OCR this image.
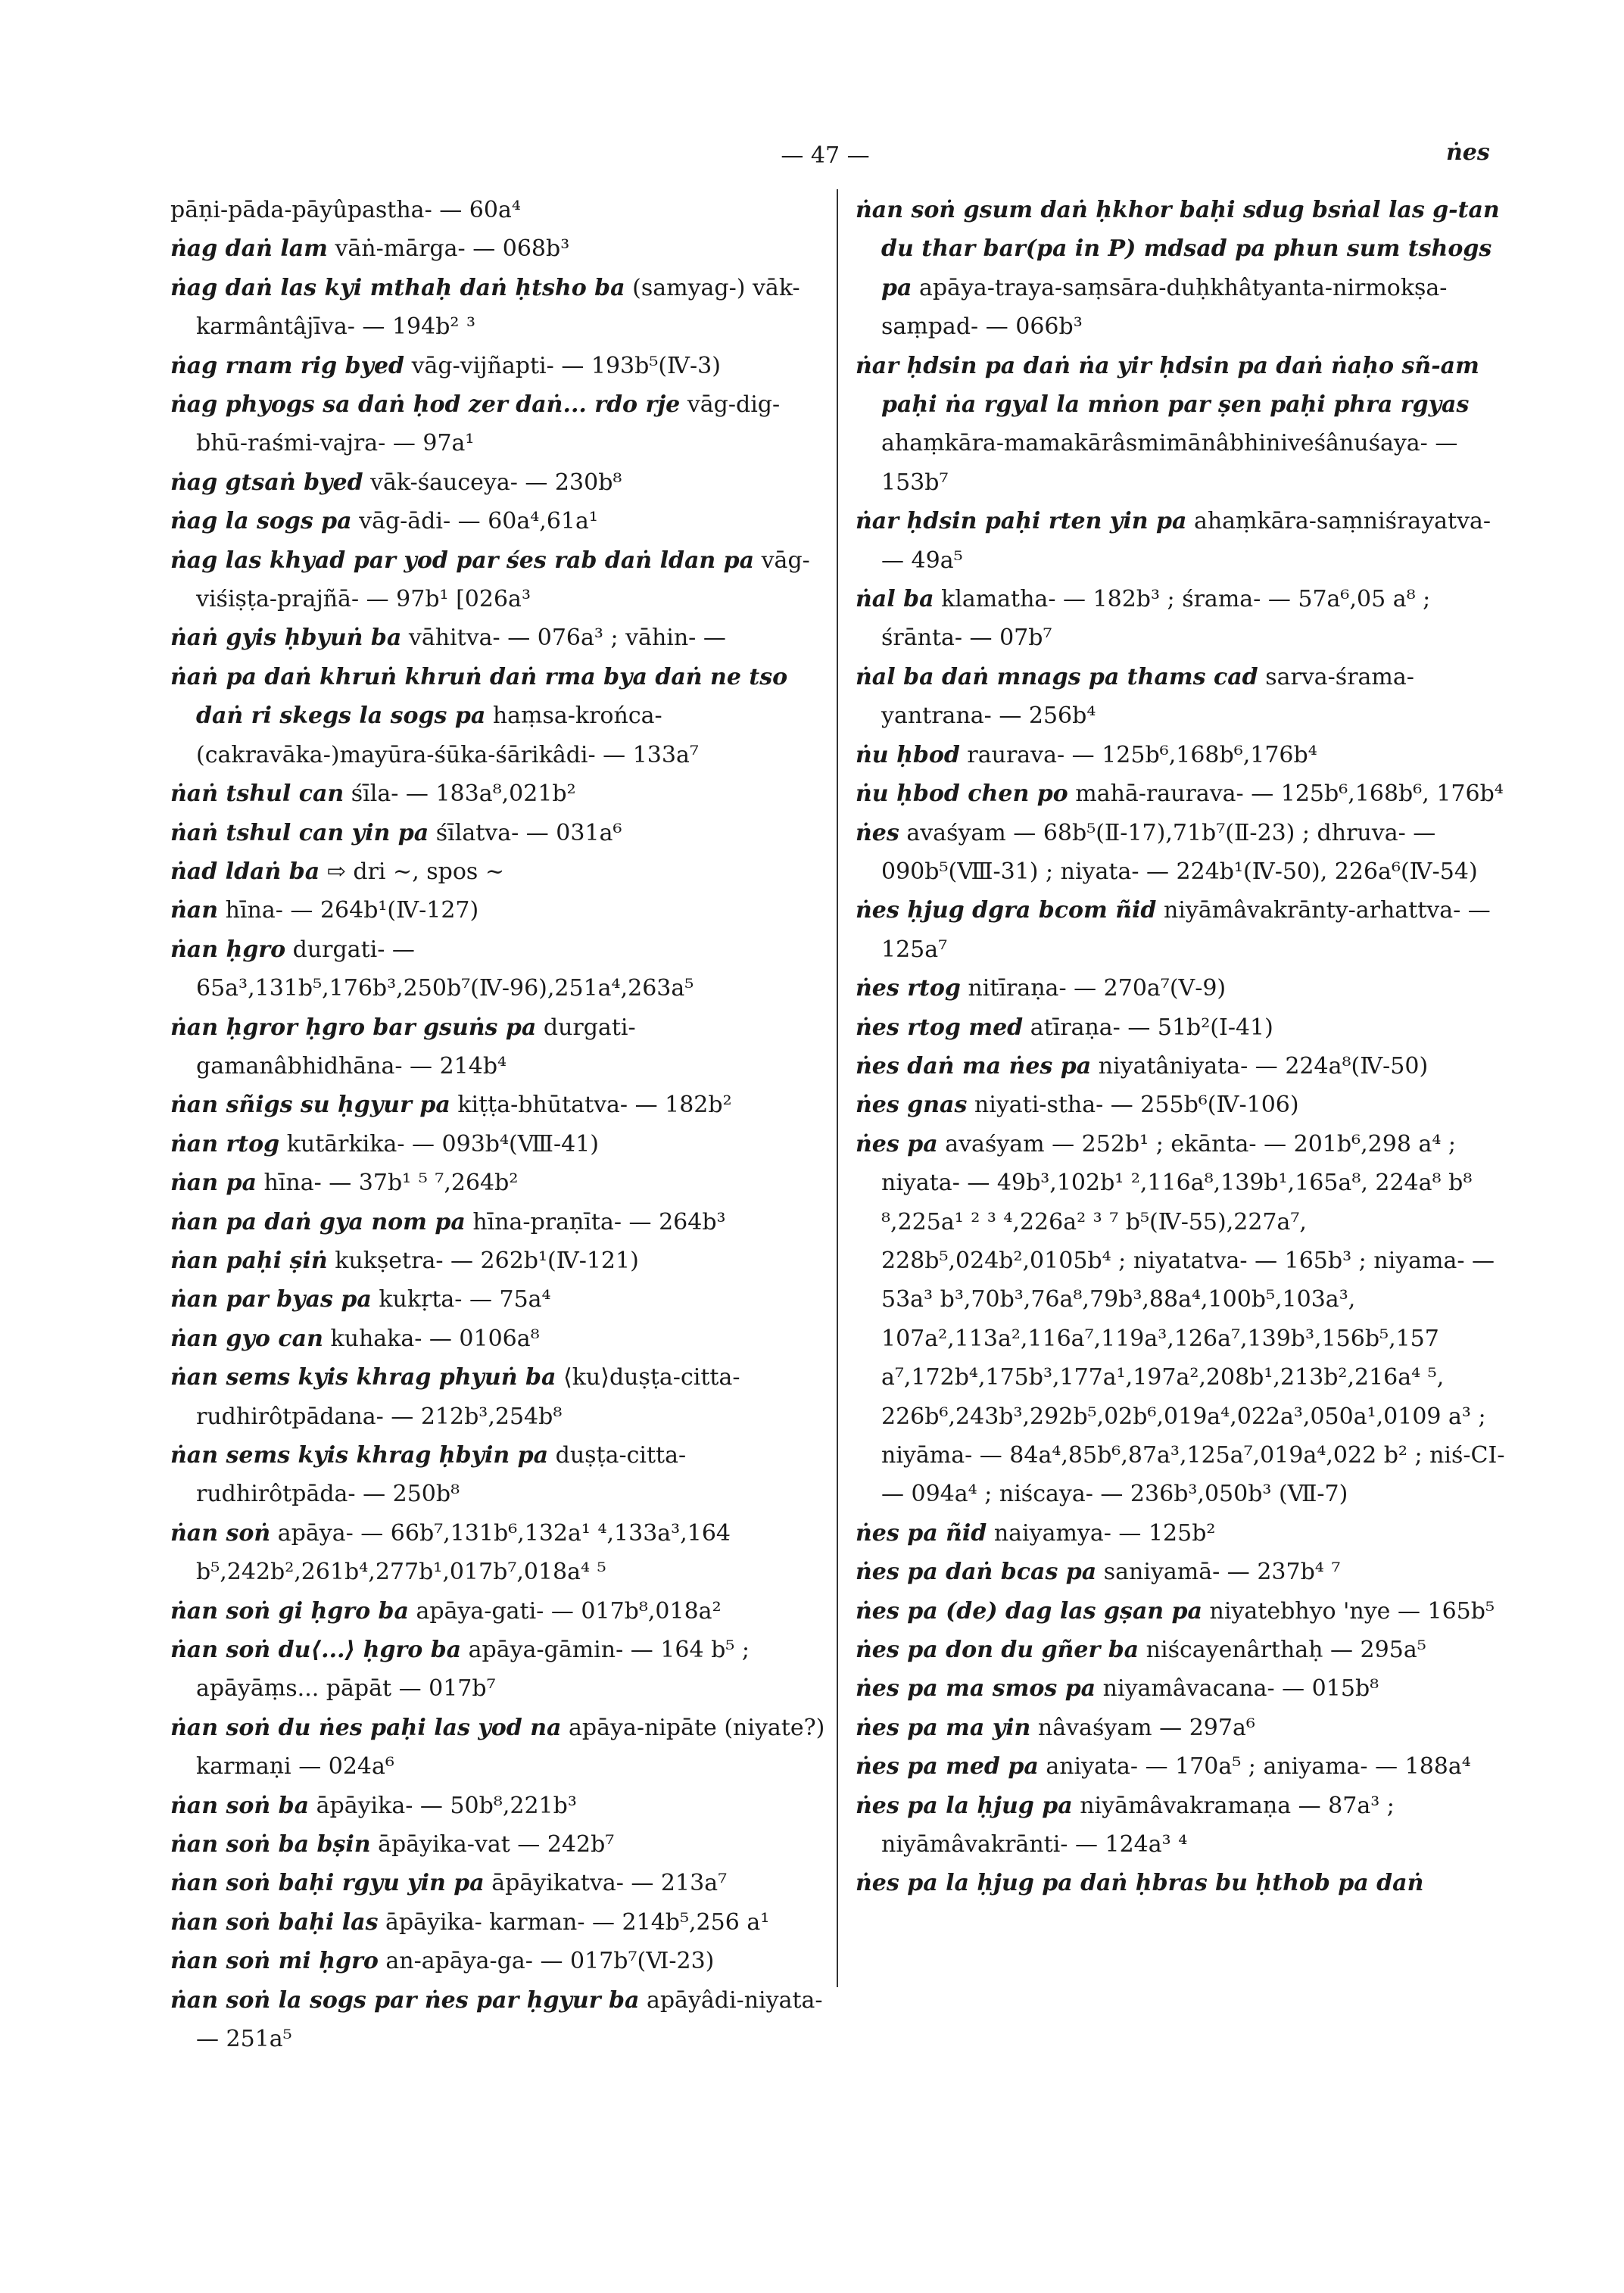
— 47 —	ṅes

pāṇi-pāda-pāyûpastha- — 60a⁴

ṅag daṅ lam vāṅ-mārga- — 068b³

ṅag daṅ las kyi mthaḥ daṅ ḥtsho ba (samyag-) vāk-karmântâjīva- — 194b² ³

ṅag rnam rig byed vāg-vijñapti- — 193b⁵(Ⅳ-3)

ṅag phyogs sa daṅ ḥod zer daṅ... rdo rje vāg-dig-bhū-raśmi-vajra- — 97a¹

ṅag gtsaṅ byed vāk-śauceya- — 230b⁸

ṅag la sogs pa vāg-ādi- — 60a⁴,61a¹

ṅag las khyad par yod par śes rab daṅ ldan pa vāg-viśiṣṭa-prajñā- — 97b¹ [026a³

ṅaṅ gyis ḥbyuṅ ba vāhitva- — 076a³ ; vāhin- —

ṅaṅ pa daṅ khruṅ khruṅ daṅ rma bya daṅ ne tso daṅ ri skegs la sogs pa haṃsa-krońca-(cakravāka-)mayūra-śūka-śārikâdi- — 133a⁷

ṅaṅ tshul can śīla- — 183a⁸,021b²

ṅaṅ tshul can yin pa śīlatva- — 031a⁶

ṅad ldaṅ ba ⇨ dri ~, spos ~

ṅan hīna- — 264b¹(Ⅳ-127)

ṅan ḥgro durgati- — 65a³,131b⁵,176b³,250b⁷(Ⅳ-96),251a⁴,263a⁵

ṅan ḥgror ḥgro bar gsuṅs pa durgati-gamanâbhidhāna- — 214b⁴

ṅan sñigs su ḥgyur pa kiṭṭa-bhūtatva- — 182b²

ṅan rtog kutārkika- — 093b⁴(Ⅷ-41)

ṅan pa hīna- — 37b¹ ⁵ ⁷,264b²

ṅan pa daṅ gya nom pa hīna-praṇīta- — 264b³

ṅan paḥi ṣiṅ kukṣetra- — 262b¹(Ⅳ-121)

ṅan par byas pa kukṛta- — 75a⁴

ṅan gyo can kuhaka- — 0106a⁸

ṅan sems kyis khrag phyuṅ ba ⟨ku⟩duṣṭa-citta-rudhirôtpādana- — 212b³,254b⁸

ṅan sems kyis khrag ḥbyin pa duṣṭa-citta-rudhirôtpāda- — 250b⁸

ṅan soṅ apāya- — 66b⁷,131b⁶,132a¹ ⁴,133a³,164 b⁵,242b²,261b⁴,277b¹,017b⁷,018a⁴ ⁵

ṅan soṅ gi ḥgro ba apāya-gati- — 017b⁸,018a²

ṅan soṅ du⟨...⟩ ḥgro ba apāya-gāmin- — 164 b⁵ ; apāyāṃs... pāpāt — 017b⁷

ṅan soṅ du ṅes paḥi las yod na apāya-nipāte (niyate?) karmaṇi — 024a⁶

ṅan soṅ ba āpāyika- — 50b⁸,221b³

ṅan soṅ ba bṣin āpāyika-vat — 242b⁷

ṅan soṅ baḥi rgyu yin pa āpāyikatva- — 213a⁷

ṅan soṅ baḥi las āpāyika- karman- — 214b⁵,256 a¹

ṅan soṅ mi ḥgro an-apāya-ga- — 017b⁷(Ⅵ-23)

ṅan soṅ la sogs par ṅes par ḥgyur ba apāyâdi-niyata- — 251a⁵

ṅan soṅ gsum daṅ ḥkhor baḥi sdug bsṅal las g-tan du thar bar(pa in P) mdsad pa phun sum tshogs pa apāya-traya-saṃsāra-duḥkhâtyanta-nirmokṣa-saṃpad- — 066b³

ṅar ḥdsin pa daṅ ṅa yir ḥdsin pa daṅ ṅaḥo sñ-am paḥi ṅa rgyal la mṅon par ṣen paḥi phra rgyas ahaṃkāra-mamakārâsmimānâbhiniveśânuśaya- — 153b⁷

ṅar ḥdsin paḥi rten yin pa ahaṃkāra-saṃniśrayatva- — 49a⁵

ṅal ba klamatha- — 182b³ ; śrama- — 57a⁶,05 a⁸ ; śrānta- — 07b⁷

ṅal ba daṅ mnags pa thams cad sarva-śrama-yantrana- — 256b⁴

ṅu ḥbod raurava- — 125b⁶,168b⁶,176b⁴

ṅu ḥbod chen po mahā-raurava- — 125b⁶,168b⁶, 176b⁴

ṅes avaśyam — 68b⁵(Ⅱ-17),71b⁷(Ⅱ-23) ; dhruva- — 090b⁵(Ⅷ-31) ; niyata- — 224b¹(Ⅳ-50), 226a⁶(Ⅳ-54)

ṅes ḥjug dgra bcom ñid niyāmâvakrānty-arhattva- — 125a⁷

ṅes rtog nitīraṇa- — 270a⁷(Ⅴ-9)

ṅes rtog med atīraṇa- — 51b²(Ⅰ-41)

ṅes daṅ ma ṅes pa niyatâniyata- — 224a⁸(Ⅳ-50)

ṅes gnas niyati-stha- — 255b⁶(Ⅳ-106)

ṅes pa avaśyam — 252b¹ ; ekānta- — 201b⁶,298 a⁴ ; niyata- — 49b³,102b¹ ²,116a⁸,139b¹,165a⁸, 224a⁸ b⁸ ⁸,225a¹ ² ³ ⁴,226a² ³ ⁷ b⁵(Ⅳ-55),227a⁷, 228b⁵,024b²,0105b⁴ ; niyatatva- — 165b³ ; niyama- — 53a³ b³,70b³,76a⁸,79b³,88a⁴,100b⁵,103a³, 107a²,113a²,116a⁷,119a³,126a⁷,139b³,156b⁵,157 a⁷,172b⁴,175b³,177a¹,197a²,208b¹,213b²,216a⁴ ⁵, 226b⁶,243b³,292b⁵,02b⁶,019a⁴,022a³,050a¹,0109 a³ ; niyāma- — 84a⁴,85b⁶,87a³,125a⁷,019a⁴,022 b² ; niś-CI- — 094a⁴ ; niścaya- — 236b³,050b³ (Ⅶ-7)

ṅes pa ñid naiyamya- — 125b²

ṅes pa daṅ bcas pa saniyamā- — 237b⁴ ⁷

ṅes pa (de) dag las gṣan pa niyatebhyo 'nye — 165b⁵

ṅes pa don du gñer ba niścayenârthaḥ — 295a⁵

ṅes pa ma smos pa niyamâvacana- — 015b⁸

ṅes pa ma yin nâvaśyam — 297a⁶

ṅes pa med pa aniyata- — 170a⁵ ; aniyama- — 188a⁴

ṅes pa la ḥjug pa niyāmâvakramaṇa — 87a³ ; niyāmâvakrānti- — 124a³ ⁴

ṅes pa la ḥjug pa daṅ ḥbras bu ḥthob pa daṅ
